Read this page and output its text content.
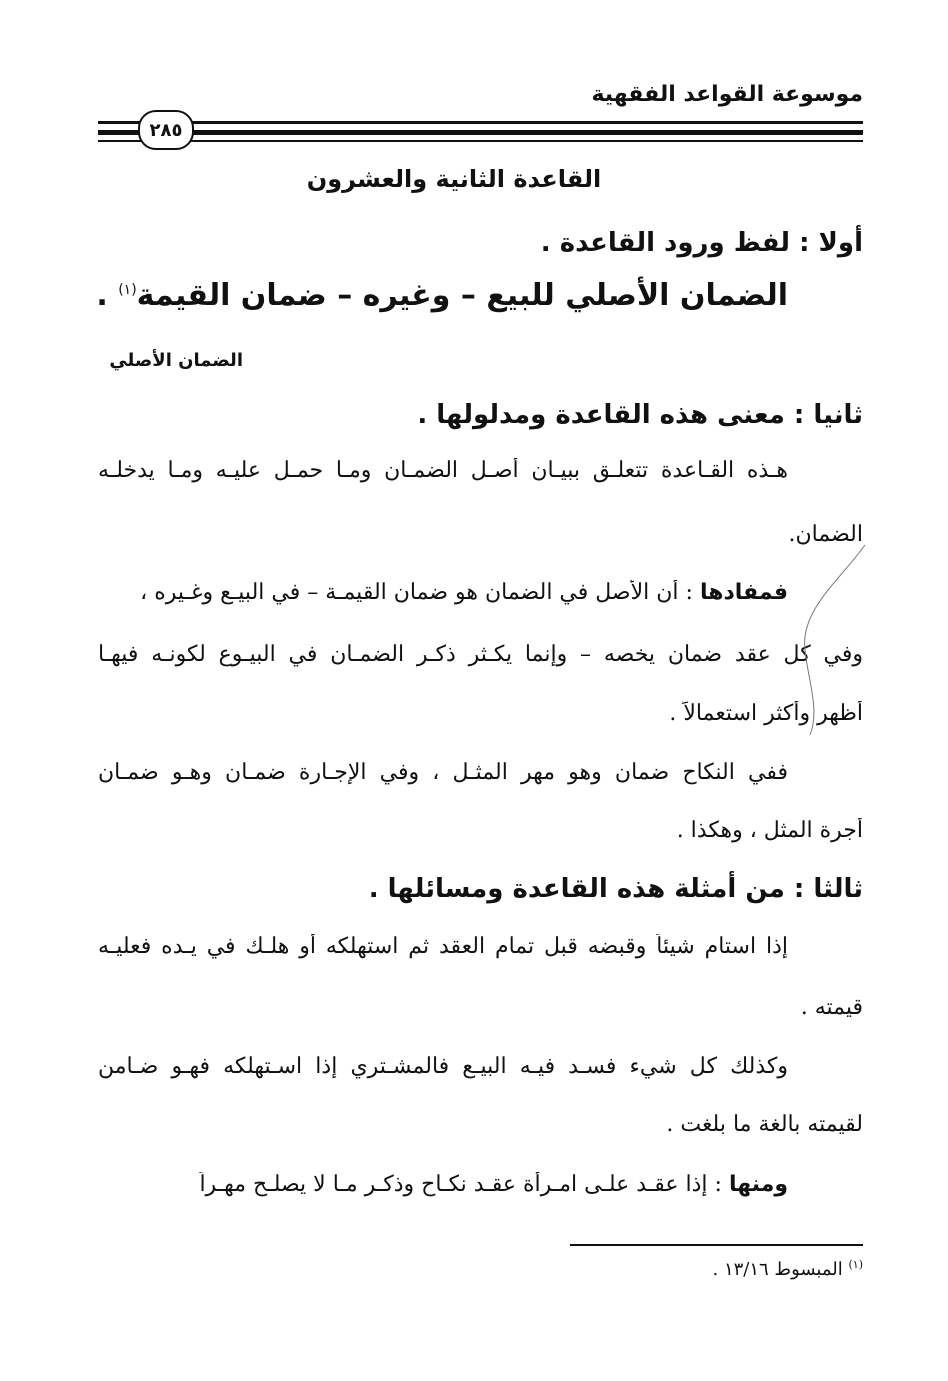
موسوعة القواعد الفقهية
٢٨٥
القاعدة الثانية والعشرون
أولا : لفظ ورود القاعدة .
الضمان الأصلي للبيع – وغيره – ضمان القيمة$^{(١)}$ .
الضمان الأصلي
ثانيا : معنى هذه القاعدة ومدلولها .
هـذه القـاعدة تتعلـق ببيـان أصـل الضمـان ومـا حمـل عليـه ومـا يدخلـه
الضمان.
فمفادها : أن الأصل في الضمان هو ضمان القيمـة – في البيـع وغـيره ،
وفي كل عقد ضمان يخصه – وإنما يكـثر ذكـر الضمـان في البيـوع لكونـه فيهـا
أظهر وأكثر استعمالاً .
ففي النكاح ضمان وهو مهر المثـل ، وفي الإجـارة ضمـان وهـو ضمـان
أجرة المثل ، وهكذا .
ثالثا : من أمثلة هذه القاعدة ومسائلها .
إذا استام شيئاً وقبضه قبل تمام العقد ثم استهلكه أو هلـك في يـده فعليـه
قيمته .
وكذلك كل شيء فسـد فيـه البيـع فالمشـتري إذا اسـتهلكه فهـو ضـامن
لقيمته بالغة ما بلغت .
ومنها : إذا عقـد علـى امـرأة عقـد نكـاح وذكـر مـا لا يصلـح مهـراً
$^{(١)}$ المبسوط ١٣/١٦ .
